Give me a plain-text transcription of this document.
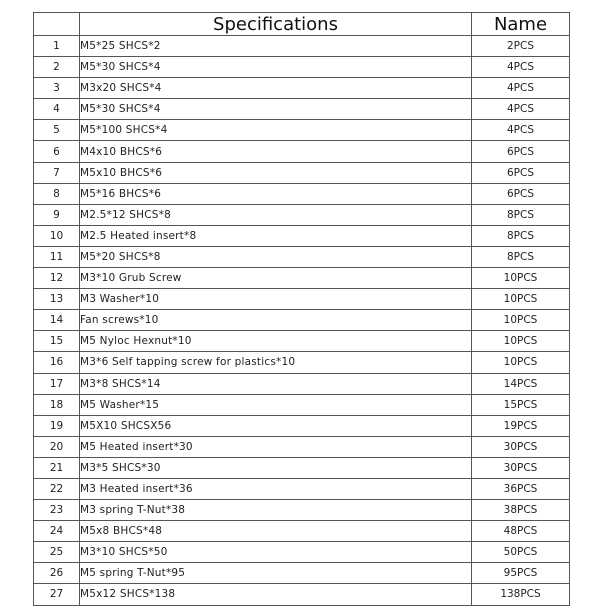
	Specifications	Name
1	M5*25 SHCS*2	2PCS
2	M5*30 SHCS*4	4PCS
3	M3x20 SHCS*4	4PCS
4	M5*30 SHCS*4	4PCS
5	M5*100 SHCS*4	4PCS
6	M4x10 BHCS*6	6PCS
7	M5x10 BHCS*6	6PCS
8	M5*16 BHCS*6	6PCS
9	M2.5*12 SHCS*8	8PCS
10	M2.5 Heated insert*8	8PCS
11	M5*20 SHCS*8	8PCS
12	M3*10 Grub Screw	10PCS
13	M3 Washer*10	10PCS
14	Fan screws*10	10PCS
15	M5 Nyloc Hexnut*10	10PCS
16	M3*6 Self tapping screw for plastics*10	10PCS
17	M3*8 SHCS*14	14PCS
18	M5 Washer*15	15PCS
19	M5X10 SHCSX56	19PCS
20	M5 Heated insert*30	30PCS
21	M3*5 SHCS*30	30PCS
22	M3 Heated insert*36	36PCS
23	M3 spring T-Nut*38	38PCS
24	M5x8 BHCS*48	48PCS
25	M3*10 SHCS*50	50PCS
26	M5 spring T-Nut*95	95PCS
27	M5x12 SHCS*138	138PCS
